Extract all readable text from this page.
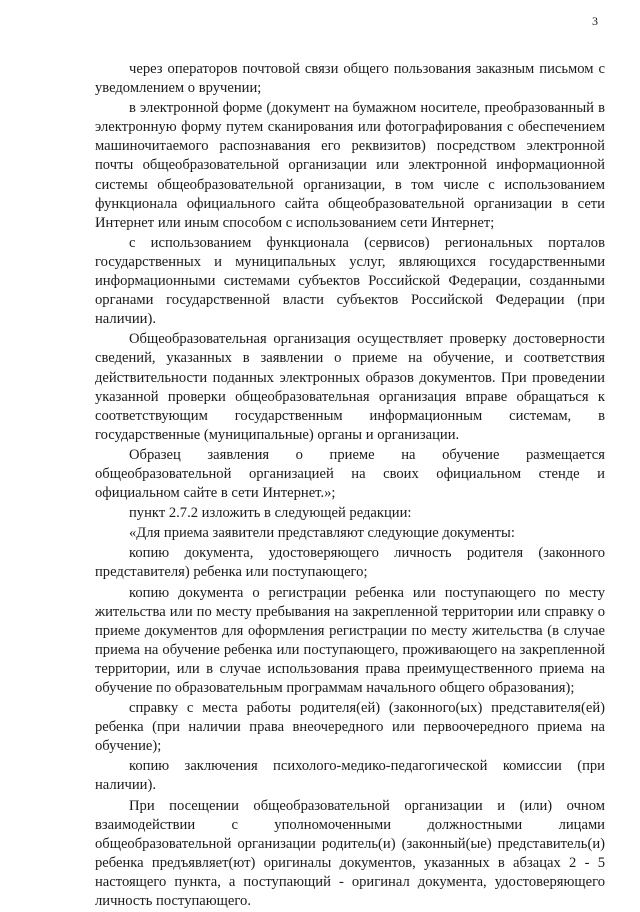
3

через операторов почтовой связи общего пользования заказным письмом с уведомлением о вручении;

в электронной форме (документ на бумажном носителе, преобразованный в электронную форму путем сканирования или фотографирования с обеспечением машиночитаемого распознавания его реквизитов) посредством электронной почты общеобразовательной организации или электронной информационной системы общеобразовательной организации, в том числе с использованием функционала официального сайта общеобразовательной организации в сети Интернет или иным способом с использованием сети Интернет;

с использованием функционала (сервисов) региональных порталов государственных и муниципальных услуг, являющихся государственными информационными системами субъектов Российской Федерации, созданными органами государственной власти субъектов Российской Федерации (при наличии).

Общеобразовательная организация осуществляет проверку достоверности сведений, указанных в заявлении о приеме на обучение, и соответствия действительности поданных электронных образов документов. При проведении указанной проверки общеобразовательная организация вправе обращаться к соответствующим государственным информационным системам, в государственные (муниципальные) органы и организации.

Образец заявления о приеме на обучение размещается общеобразовательной организацией на своих официальном стенде и официальном сайте в сети Интернет.»;

пункт 2.7.2 изложить в следующей редакции:

«Для приема заявители представляют следующие документы:

копию документа, удостоверяющего личность родителя (законного представителя) ребенка или поступающего;

копию документа о регистрации ребенка или поступающего по месту жительства или по месту пребывания на закрепленной территории или справку о приеме документов для оформления регистрации по месту жительства (в случае приема на обучение ребенка или поступающего, проживающего на закрепленной территории, или в случае использования права преимущественного приема на обучение по образовательным программам начального общего образования);

справку с места работы родителя(ей) (законного(ых) представителя(ей) ребенка (при наличии права внеочередного или первоочередного приема на обучение);

копию заключения психолого-медико-педагогической комиссии (при наличии).

При посещении общеобразовательной организации и (или) очном взаимодействии с уполномоченными должностными лицами общеобразовательной организации родитель(и) (законный(ые) представитель(и) ребенка предъявляет(ют) оригиналы документов, указанных в абзацах 2 - 5 настоящего пункта, а поступающий - оригинал документа, удостоверяющего личность поступающего.
